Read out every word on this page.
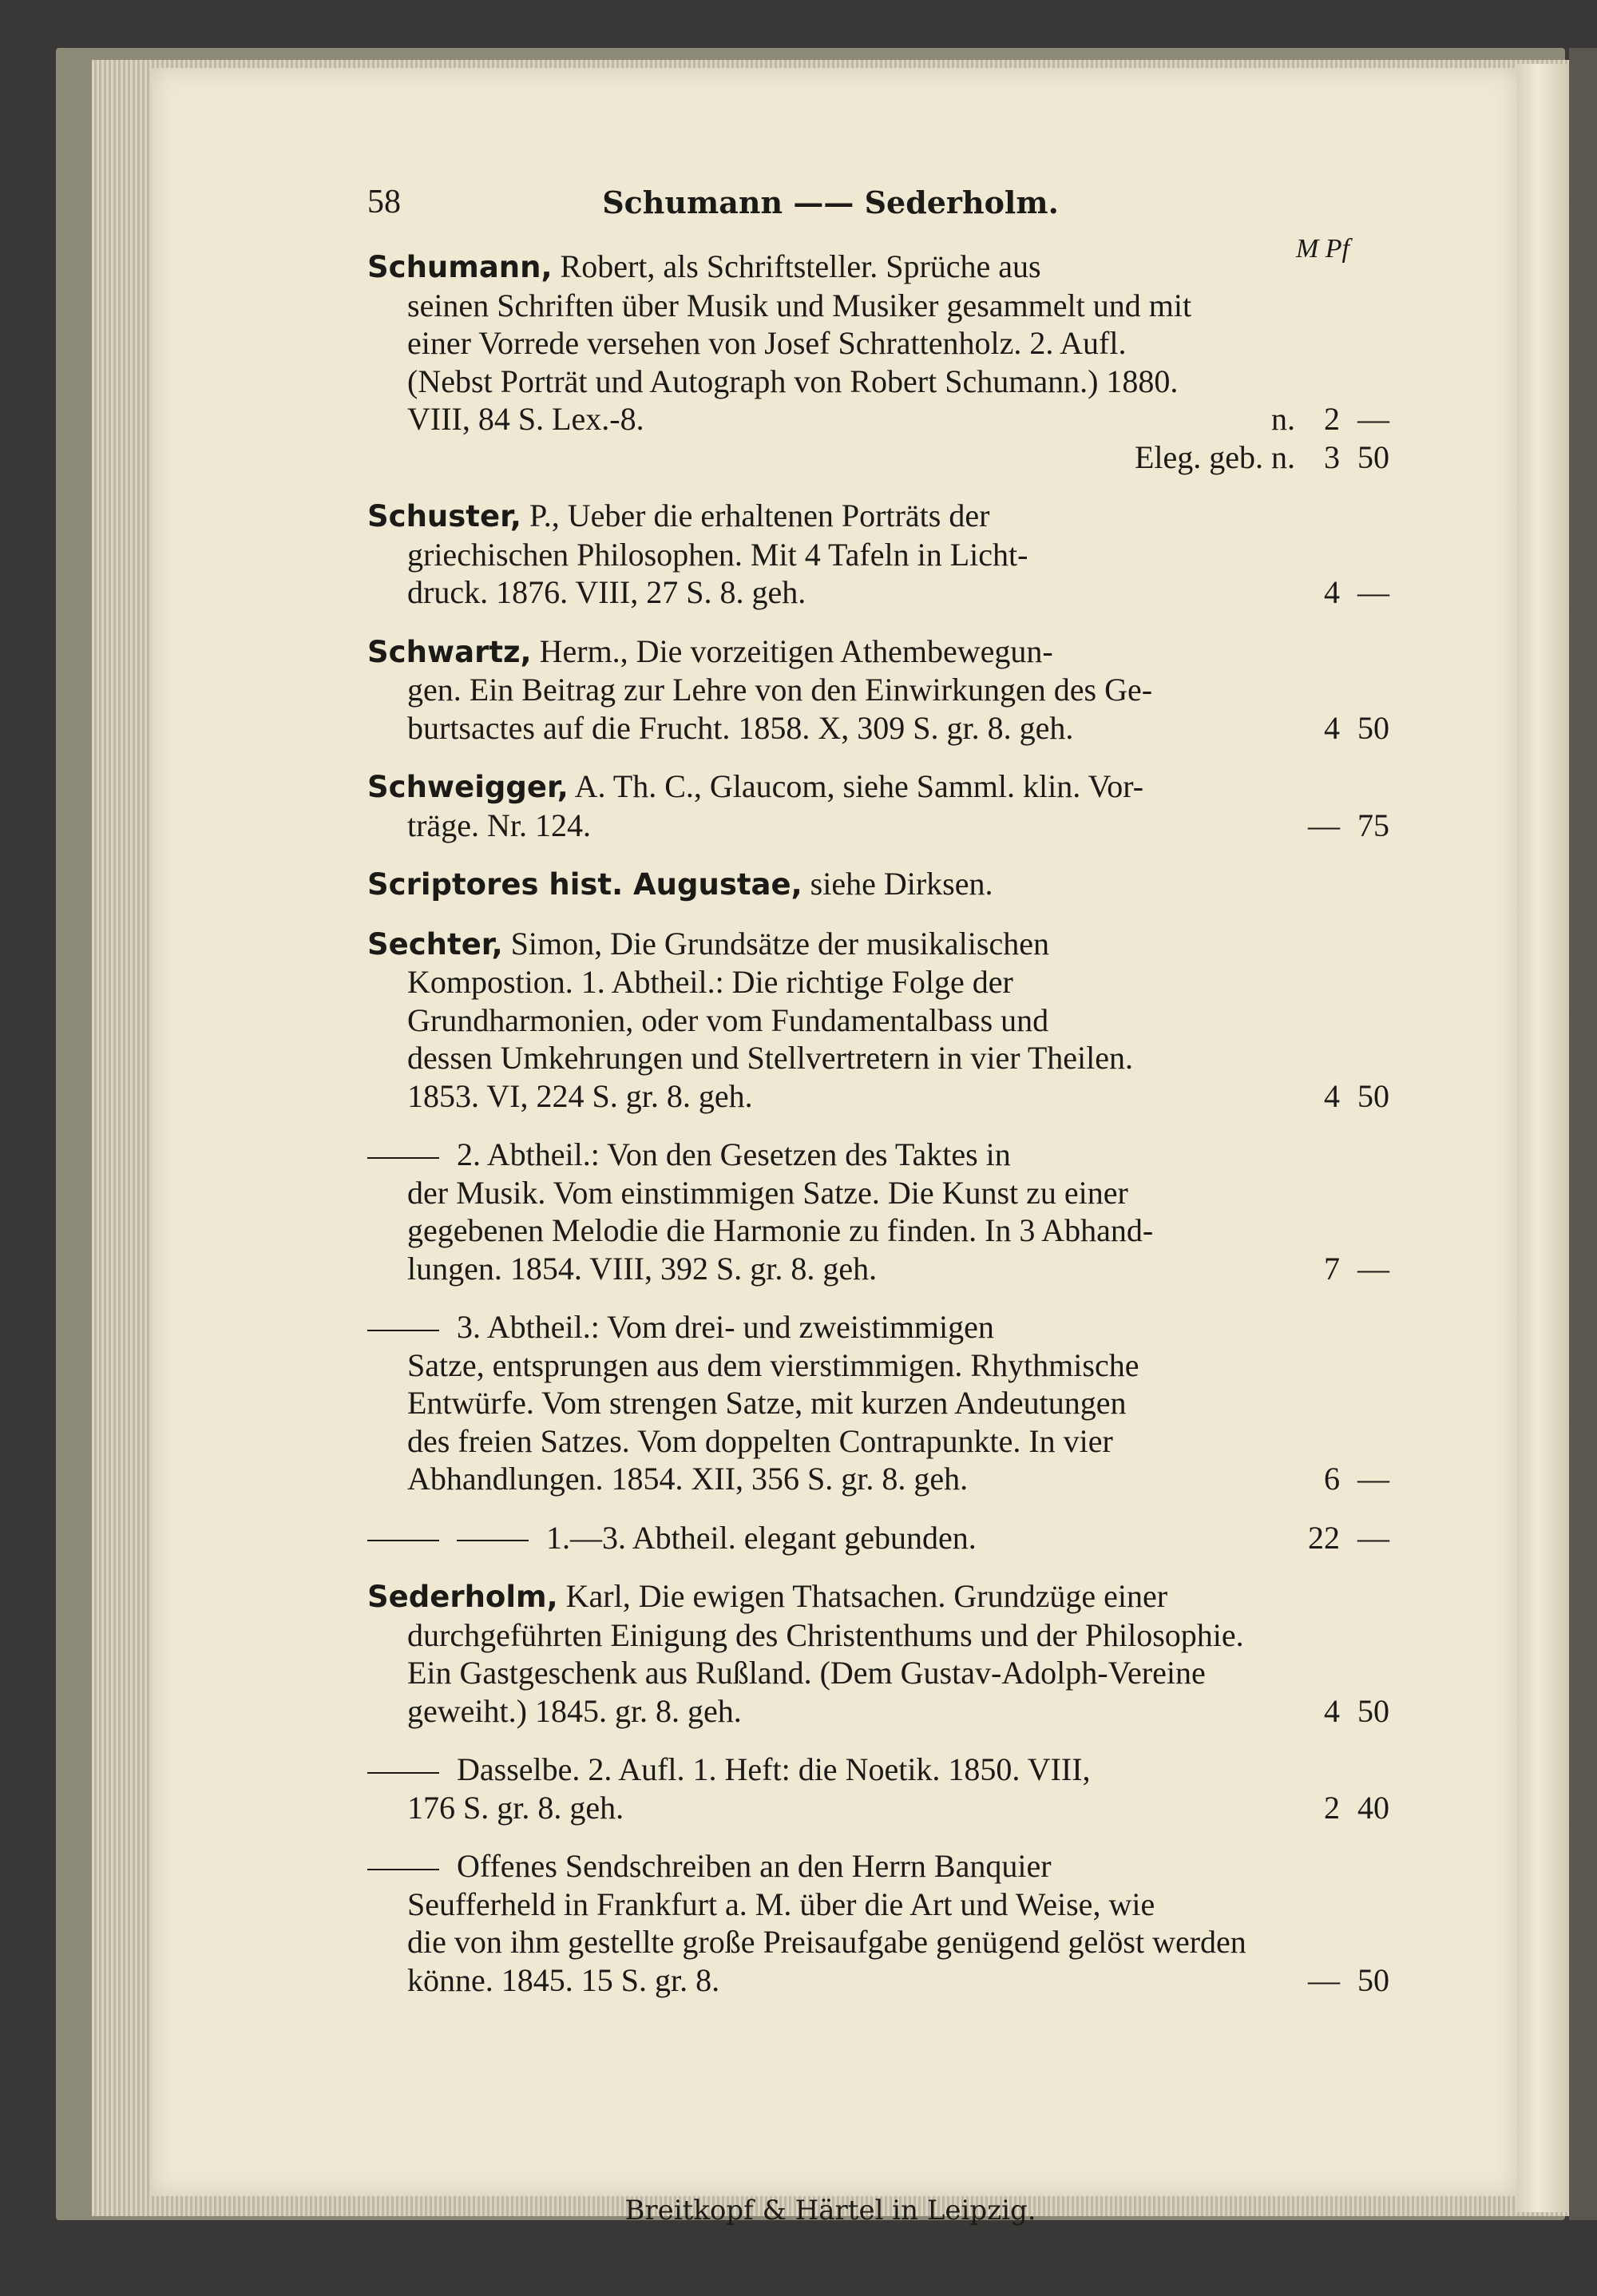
58	Schumann —— Sederholm.
M Pf
Schumann, Robert, als Schriftsteller. Sprüche aus
seinen Schriften über Musik und Musiker gesammelt und mit
einer Vorrede versehen von Josef Schrattenholz. 2. Aufl.
(Nebst Porträt und Autograph von Robert Schumann.) 1880.
VIII, 84 S. Lex.-8.	n. 2 —
Eleg. geb. n. 3 50
Schuster, P., Ueber die erhaltenen Porträts der
griechischen Philosophen. Mit 4 Tafeln in Licht-
druck. 1876. VIII, 27 S. 8. geh.	4 —
Schwartz, Herm., Die vorzeitigen Athembewegun-
gen. Ein Beitrag zur Lehre von den Einwirkungen des Ge-
burtsactes auf die Frucht. 1858. X, 309 S. gr. 8. geh.	4 50
Schweigger, A. Th. C., Glaucom, siehe Samml. klin. Vor-
träge. Nr. 124.	— 75
Scriptores hist. Augustae, siehe Dirksen.
Sechter, Simon, Die Grundsätze der musikalischen
Kompostion. 1. Abtheil.: Die richtige Folge der
Grundharmonien, oder vom Fundamentalbass und
dessen Umkehrungen und Stellvertretern in vier Theilen.
1853. VI, 224 S. gr. 8. geh.	4 50
2. Abtheil.: Von den Gesetzen des Taktes in
der Musik. Vom einstimmigen Satze. Die Kunst zu einer
gegebenen Melodie die Harmonie zu finden. In 3 Abhand-
lungen. 1854. VIII, 392 S. gr. 8. geh.	7 —
3. Abtheil.: Vom drei- und zweistimmigen
Satze, entsprungen aus dem vierstimmigen. Rhythmische
Entwürfe. Vom strengen Satze, mit kurzen Andeutungen
des freien Satzes. Vom doppelten Contrapunkte. In vier
Abhandlungen. 1854. XII, 356 S. gr. 8. geh.	6 —
1.—3. Abtheil. elegant gebunden.	22 —
Sederholm, Karl, Die ewigen Thatsachen. Grundzüge einer
durchgeführten Einigung des Christenthums und der Philosophie.
Ein Gastgeschenk aus Rußland. (Dem Gustav-Adolph-Vereine
geweiht.) 1845. gr. 8. geh.	4 50
Dasselbe. 2. Aufl. 1. Heft: die Noetik. 1850. VIII,
176 S. gr. 8. geh.	2 40
Offenes Sendschreiben an den Herrn Banquier
Seufferheld in Frankfurt a. M. über die Art und Weise, wie
die von ihm gestellte große Preisaufgabe genügend gelöst werden
könne. 1845. 15 S. gr. 8.	— 50
Breitkopf & Härtel in Leipzig.
